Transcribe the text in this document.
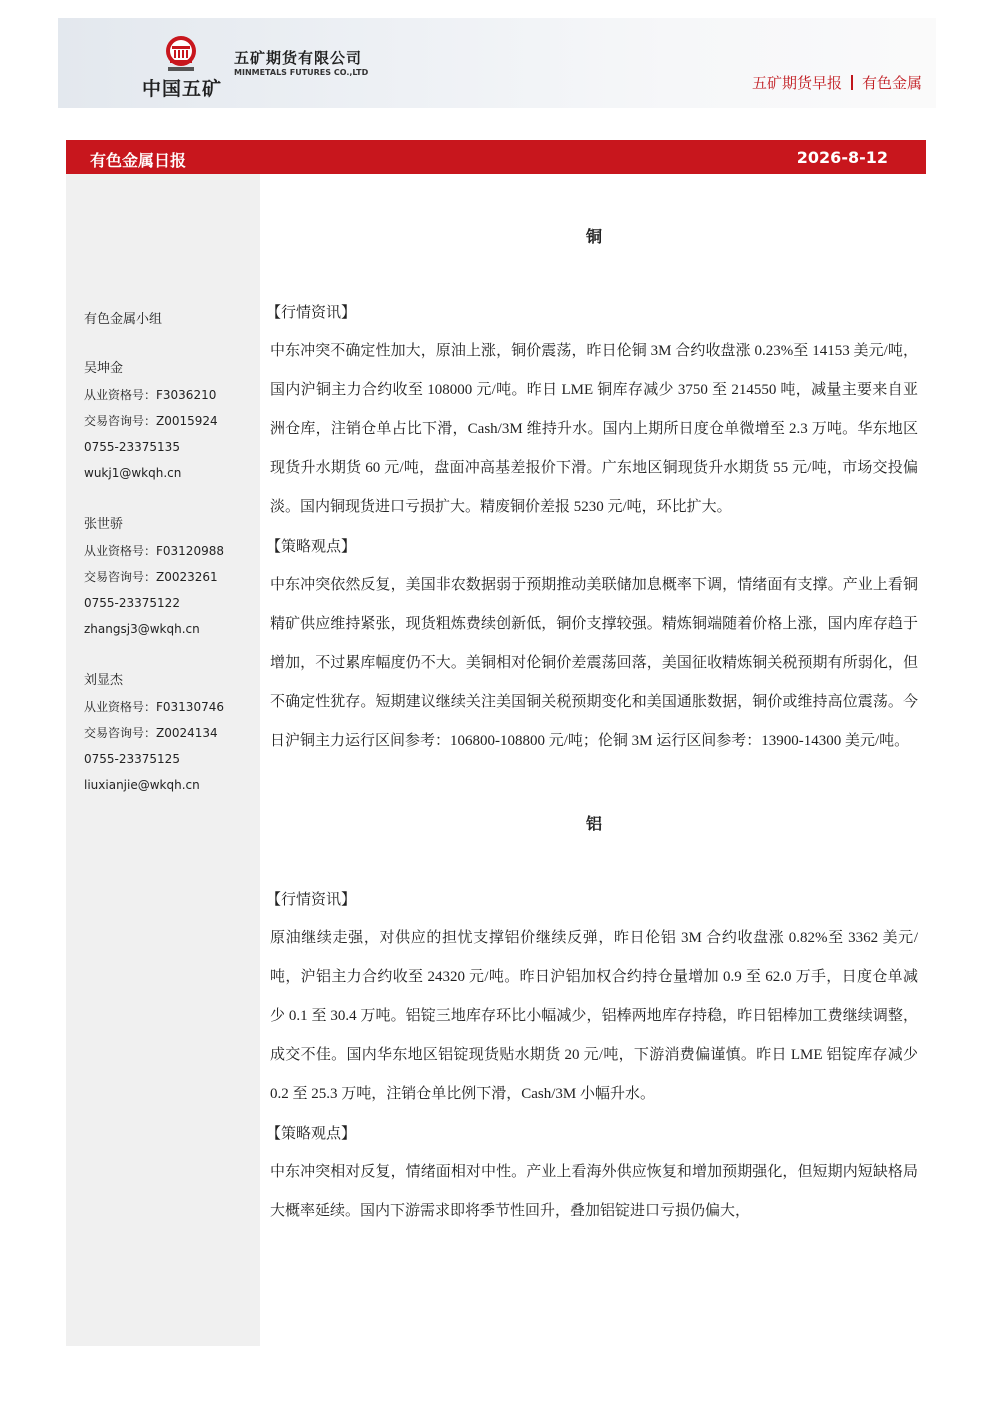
中国五矿
五矿期货有限公司
MINMETALS FUTURES CO.,LTD
五矿期货早报 有色金属
有色金属日报	2026-8-12
有色金属小组
吴坤金
从业资格号：F3036210
交易咨询号：Z0015924
0755-23375135
wukj1@wkqh.cn
张世骄
从业资格号：F03120988
交易咨询号：Z0023261
0755-23375122
zhangsj3@wkqh.cn
刘显杰
从业资格号：F03130746
交易咨询号：Z0024134
0755-23375125
liuxianjie@wkqh.cn
铜
【行情资讯】
中东冲突不确定性加大，原油上涨，铜价震荡，昨日伦铜 3M 合约收盘涨 0.23%至 14153 美元/吨，国内沪铜主力合约收至 108000 元/吨。昨日 LME 铜库存减少 3750 至 214550 吨，减量主要来自亚洲仓库，注销仓单占比下滑，Cash/3M 维持升水。国内上期所日度仓单微增至 2.3 万吨。华东地区现货升水期货 60 元/吨，盘面冲高基差报价下滑。广东地区铜现货升水期货 55 元/吨，市场交投偏淡。国内铜现货进口亏损扩大。精废铜价差报 5230 元/吨，环比扩大。
【策略观点】
中东冲突依然反复，美国非农数据弱于预期推动美联储加息概率下调，情绪面有支撑。产业上看铜精矿供应维持紧张，现货粗炼费续创新低，铜价支撑较强。精炼铜端随着价格上涨，国内库存趋于增加，不过累库幅度仍不大。美铜相对伦铜价差震荡回落，美国征收精炼铜关税预期有所弱化，但不确定性犹存。短期建议继续关注美国铜关税预期变化和美国通胀数据，铜价或维持高位震荡。今日沪铜主力运行区间参考：106800-108800 元/吨；伦铜 3M 运行区间参考：13900-14300 美元/吨。
铝
【行情资讯】
原油继续走强，对供应的担忧支撑铝价继续反弹，昨日伦铝 3M 合约收盘涨 0.82%至 3362 美元/吨，沪铝主力合约收至 24320 元/吨。昨日沪铝加权合约持仓量增加 0.9 至 62.0 万手，日度仓单减少 0.1 至 30.4 万吨。铝锭三地库存环比小幅减少，铝棒两地库存持稳，昨日铝棒加工费继续调整，成交不佳。国内华东地区铝锭现货贴水期货 20 元/吨，下游消费偏谨慎。昨日 LME 铝锭库存减少 0.2 至 25.3 万吨，注销仓单比例下滑，Cash/3M 小幅升水。
【策略观点】
中东冲突相对反复，情绪面相对中性。产业上看海外供应恢复和增加预期强化，但短期内短缺格局大概率延续。国内下游需求即将季节性回升，叠加铝锭进口亏损仍偏大，
